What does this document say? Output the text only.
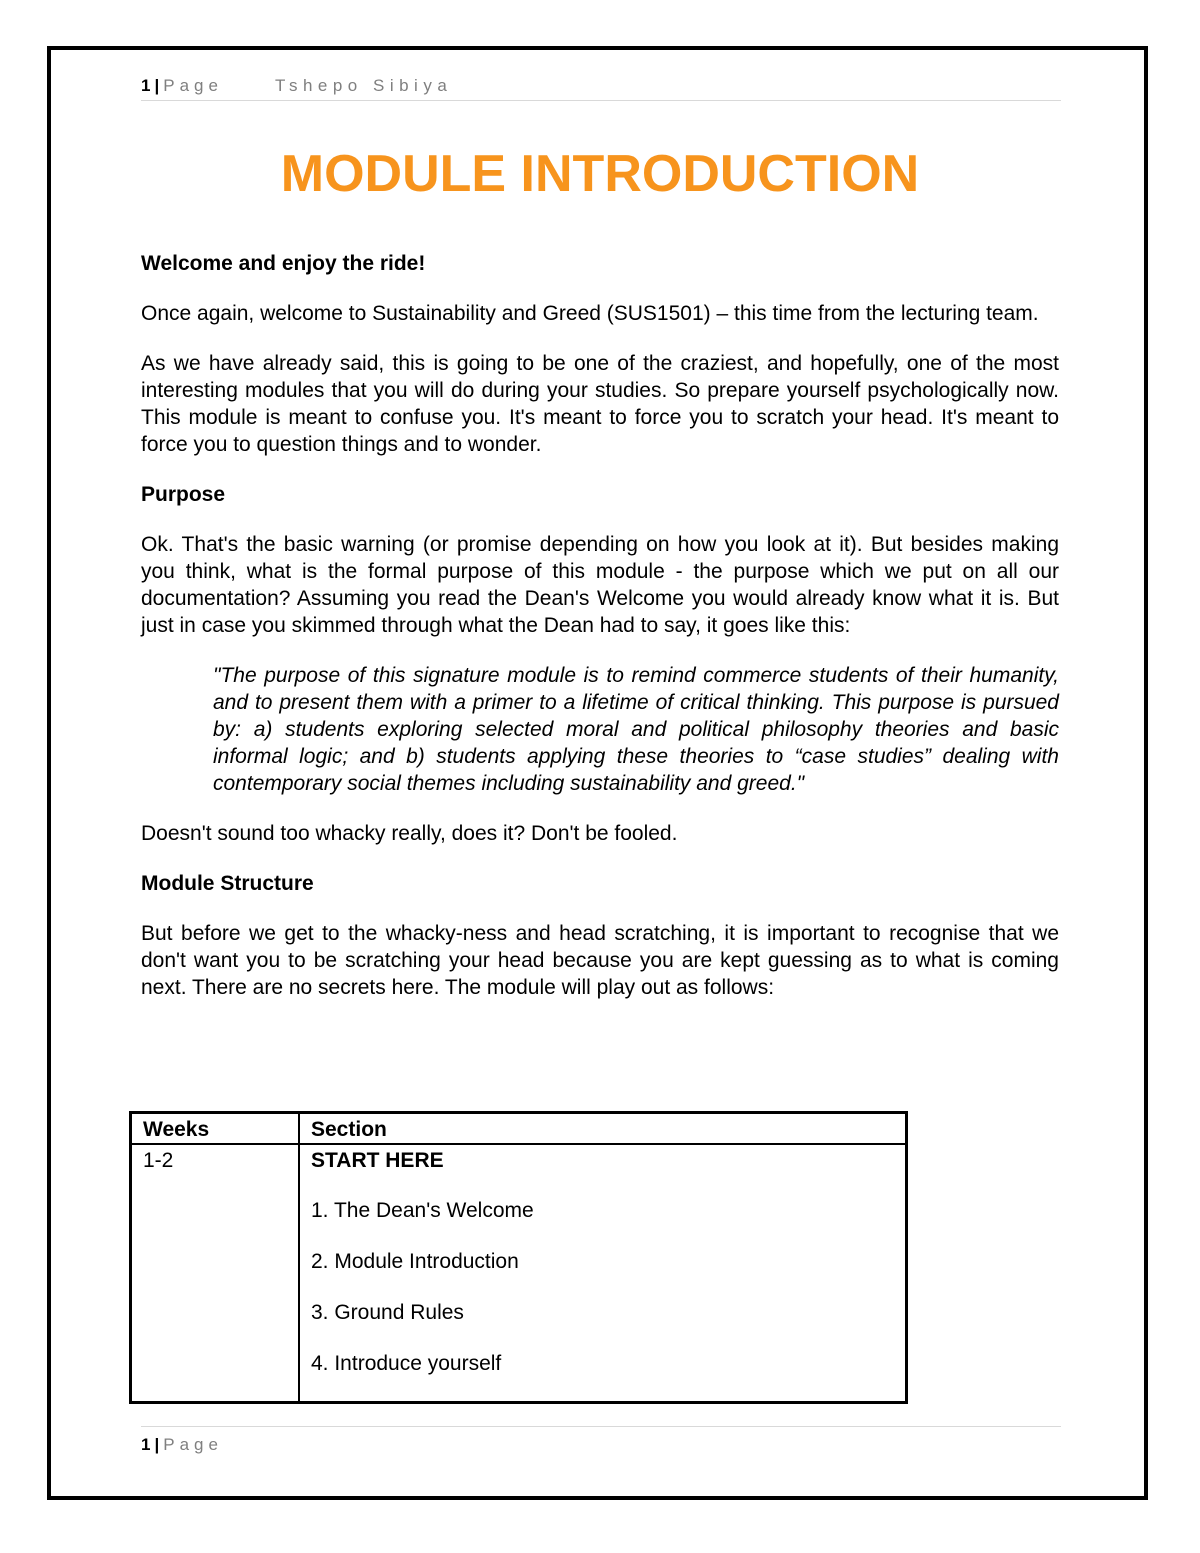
1 | Page	Tshepo Sibiya
MODULE INTRODUCTION

Welcome and enjoy the ride!

Once again, welcome to Sustainability and Greed (SUS1501) – this time from the lecturing team.

As we have already said, this is going to be one of the craziest, and hopefully, one of the most interesting modules that you will do during your studies. So prepare yourself psychologically now. This module is meant to confuse you. It's meant to force you to scratch your head. It's meant to force you to question things and to wonder.

Purpose

Ok. That's the basic warning (or promise depending on how you look at it). But besides making you think, what is the formal purpose of this module - the purpose which we put on all our documentation? Assuming you read the Dean's Welcome you would already know what it is. But just in case you skimmed through what the Dean had to say, it goes like this:

"The purpose of this signature module is to remind commerce students of their humanity, and to present them with a primer to a lifetime of critical thinking. This purpose is pursued by: a) students exploring selected moral and political philosophy theories and basic informal logic; and b) students applying these theories to “case studies” dealing with contemporary social themes including sustainability and greed."

Doesn't sound too whacky really, does it? Don't be fooled.

Module Structure

But before we get to the whacky-ness and head scratching, it is important to recognise that we don't want you to be scratching your head because you are kept guessing as to what is coming next. There are no secrets here. The module will play out as follows:

Weeks	Section
1-2	START HERE

1. The Dean's Welcome

2. Module Introduction

3. Ground Rules

4. Introduce yourself

1 | Page
